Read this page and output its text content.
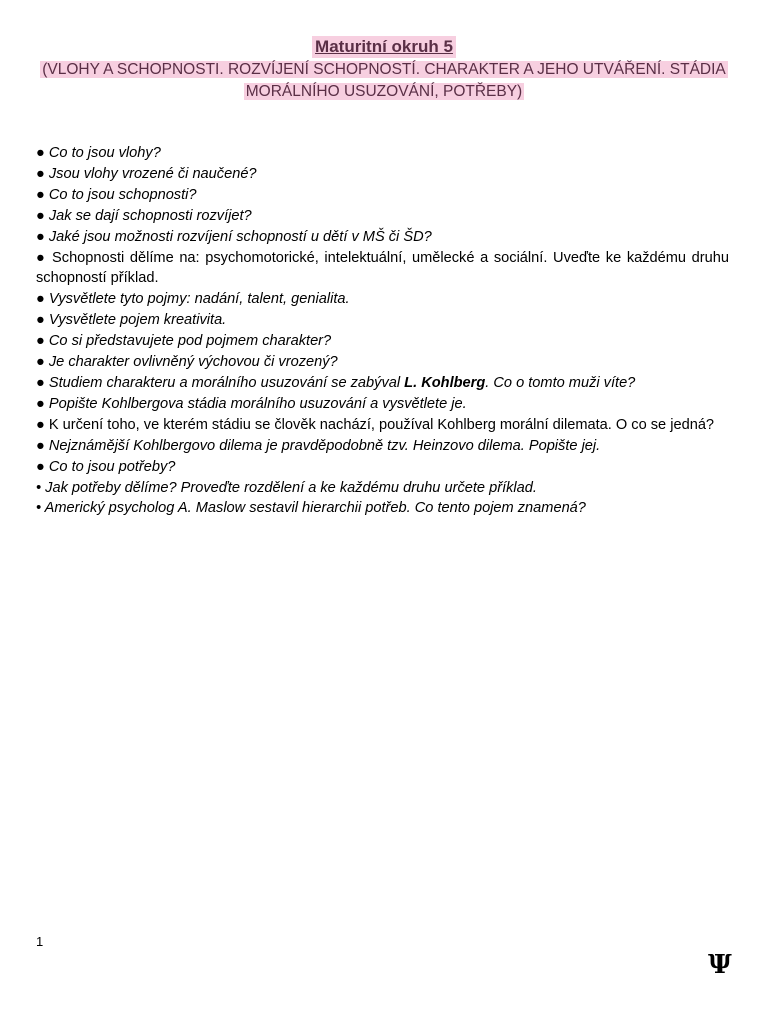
Maturitní okruh 5
(VLOHY A SCHOPNOSTI. ROZVÍJENÍ SCHOPNOSTÍ. CHARAKTER A JEHO UTVÁŘENÍ. STÁDIA
MORÁLNÍHO USUZOVÁNÍ, POTŘEBY)
● Co to jsou vlohy?
● Jsou vlohy vrozené či naučené?
● Co to jsou schopnosti?
● Jak se dají schopnosti rozvíjet?
● Jaké jsou možnosti rozvíjení schopností u dětí v MŠ či ŠD?
● Schopnosti dělíme na: psychomotorické, intelektuální, umělecké a sociální. Uveďte ke každému druhu schopností příklad.
● Vysvětlete tyto pojmy: nadání, talent, genialita.
● Vysvětlete pojem kreativita.
● Co si představujete pod pojmem charakter?
● Je charakter ovlivněný výchovou či vrozený?
● Studiem charakteru a morálního usuzování se zabýval L. Kohlberg. Co o tomto muži víte?
● Popište Kohlbergova stádia morálního usuzování a vysvětlete je.
● K určení toho, ve kterém stádiu se člověk nachází, používal Kohlberg morální dilemata. O co se jedná?
● Nejznámější Kohlbergovo dilema je pravděpodobně tzv. Heinzovo dilema. Popište jej.
● Co to jsou potřeby?
• Jak potřeby dělíme? Proveďte rozdělení a ke každému druhu určete příklad.
• Americký psycholog A. Maslow sestavil hierarchii potřeb. Co tento pojem znamená?
1
Ψ
